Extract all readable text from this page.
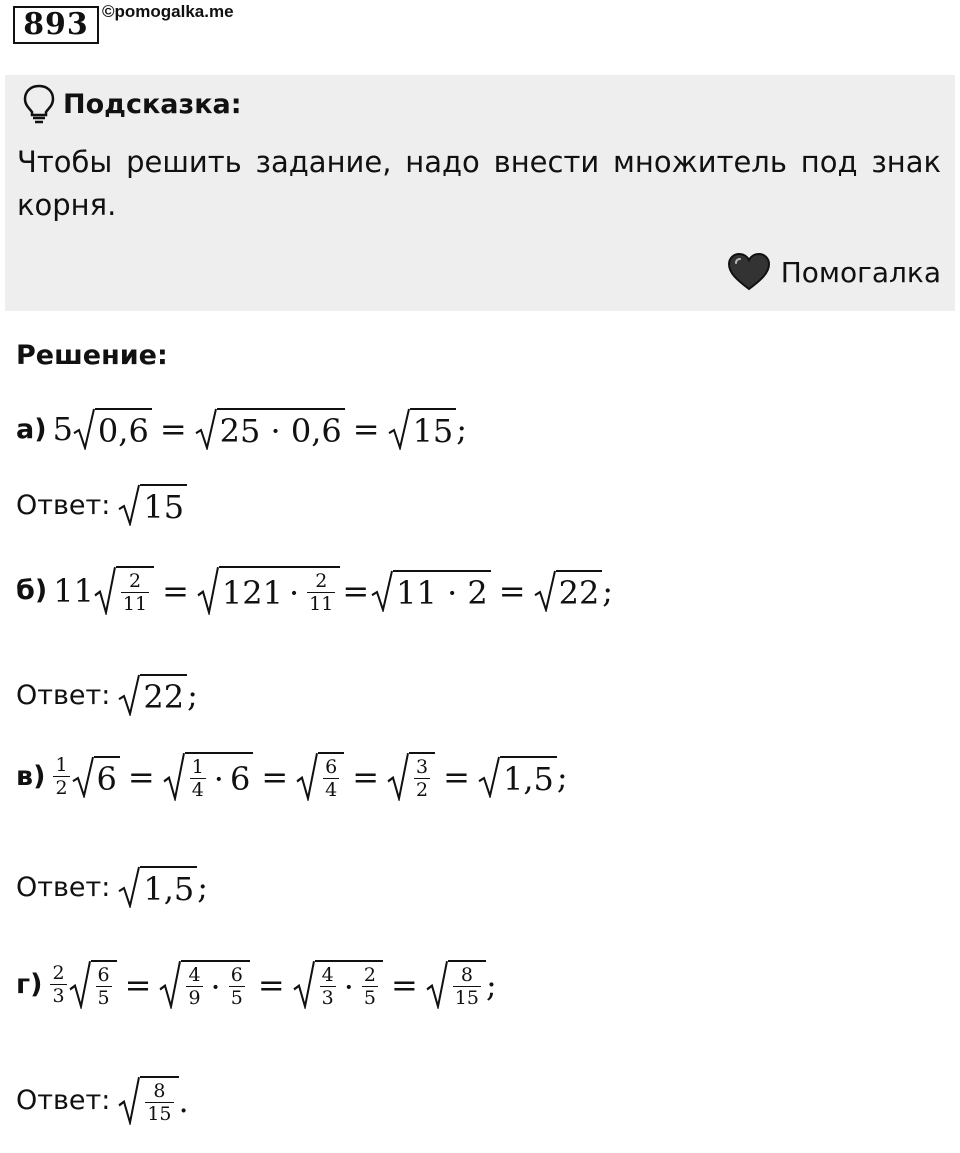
893 ©pomogalka.me
Подсказка:
Чтобы решить задание, надо внести множитель под знак корня.
Помогалка
Решение:
а) 5 0,6 = 25 · 0,6 = 15 ;
Ответ: 15
б) $11 \frac{2}{11} = 121 \cdot \frac{2}{11} = 11 \cdot 2 = 22$ ;
Ответ: 22 ;
$в) \frac{1}{2} 6 = \frac{1}{4} \cdot 6 = \frac{6}{4} = \frac{3}{2} = 1,5$ ;
Ответ: 1,5 ;
$г) \frac{2}{3} \frac{6}{5} = \frac{4}{9} \cdot \frac{6}{5} = \frac{4}{3} \cdot \frac{2}{5} = \frac{8}{15}$ ;
Ответ: $\frac{8}{15}$ .
